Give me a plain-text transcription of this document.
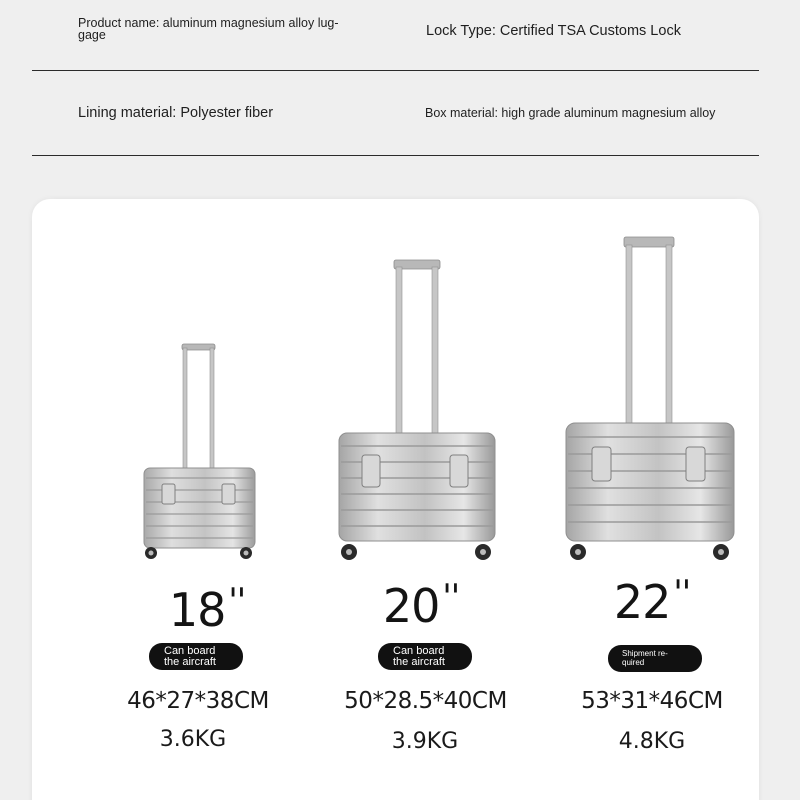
Product name: aluminum magnesium alloy lug-
gage	Lock Type: Certified TSA Customs Lock
Lining material: Polyester fiber	Box material: high grade aluminum magnesium alloy
18''
Can board
the aircraft
46*27*38CM
3.6KG
20''
Can board
the aircraft
50*28.5*40CM
3.9KG
22''
Shipment re-
quired
53*31*46CM
4.8KG
